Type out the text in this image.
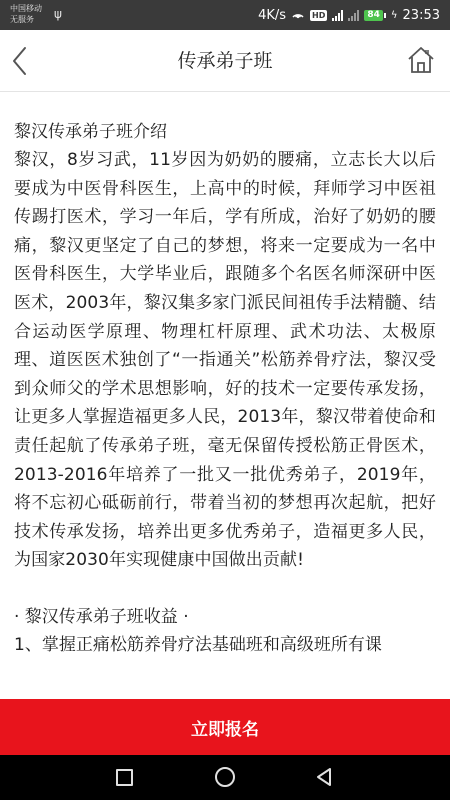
中国移动
无服务	ψ	4K/s	HD	84	ϟ 23:53
传承弟子班
黎汉传承弟子班介绍
黎汉，8岁习武，11岁因为奶奶的腰痛，立志长大以后要成为中医骨科医生，上高中的时候，拜师学习中医祖传踢打医术，学习一年后，学有所成，治好了奶奶的腰痛，黎汉更坚定了自己的梦想，将来一定要成为一名中医骨科医生，大学毕业后，跟随多个名医名师深研中医医术，2003年，黎汉集多家门派民间祖传手法精髓、结合运动医学原理、物理杠杆原理、武术功法、太极原理、道医医术独创了“一指通关”松筋养骨疗法，黎汉受到众师父的学术思想影响，好的技术一定要传承发扬，让更多人掌握造福更多人民，2013年，黎汉带着使命和责任起航了传承弟子班，毫无保留传授松筋正骨医术，2013-2016年培养了一批又一批优秀弟子，2019年，将不忘初心砥砺前行，带着当初的梦想再次起航，把好技术传承发扬，培养出更多优秀弟子，造福更多人民，为国家2030年实现健康中国做出贡献!
· 黎汉传承弟子班收益 ·
1、掌握正痛松筋养骨疗法基础班和高级班所有课
立即报名
